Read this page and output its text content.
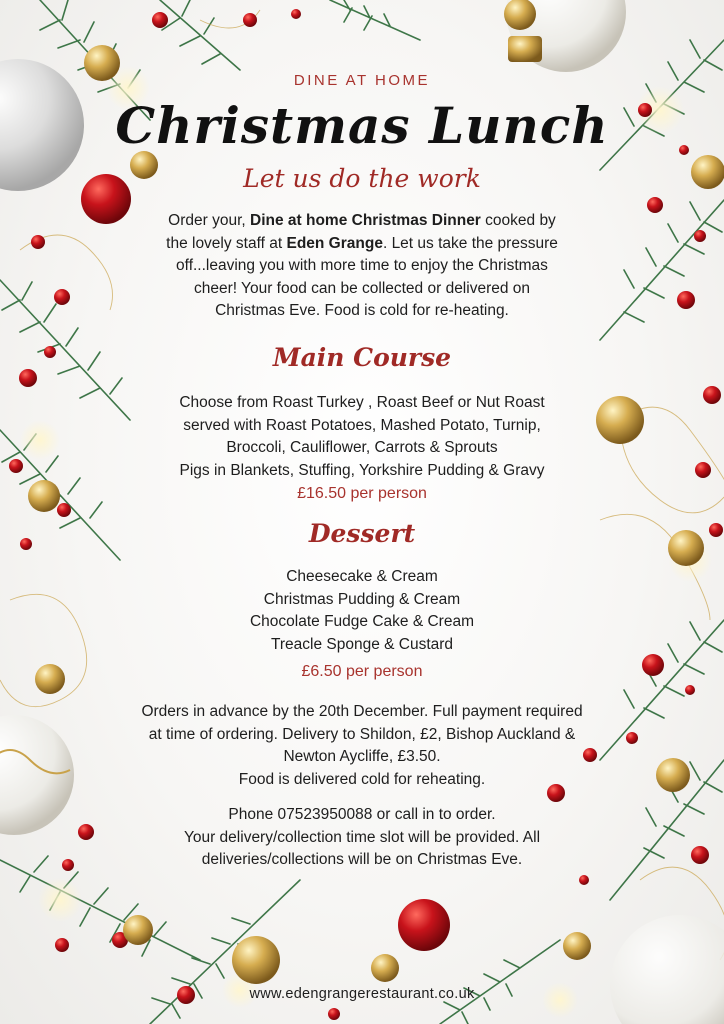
DINE AT HOME

Christmas Lunch

Let us do the work

Order your, Dine at home Christmas Dinner cooked by
the lovely staff at Eden Grange. Let us take the pressure
off...leaving you with more time to enjoy the Christmas
cheer! Your food can be collected or delivered on
Christmas Eve. Food is cold for re-heating.
Main Course
Choose from Roast Turkey , Roast Beef or Nut Roast
served with Roast Potatoes, Mashed Potato, Turnip,
Broccoli, Cauliflower, Carrots & Sprouts
Pigs in Blankets, Stuffing, Yorkshire Pudding & Gravy

£16.50 per person

Dessert
Cheesecake & Cream
Christmas Pudding & Cream
Chocolate Fudge Cake & Cream
Treacle Sponge & Custard

£6.50 per person

Orders in advance by the 20th December. Full payment required
at time of ordering. Delivery to Shildon, £2, Bishop Auckland &
Newton Aycliffe, £3.50.
Food is delivered cold for reheating.
Phone 07523950088 or call in to order.
Your delivery/collection time slot will be provided. All
deliveries/collections will be on Christmas Eve.

www.edengrangerestaurant.co.uk
